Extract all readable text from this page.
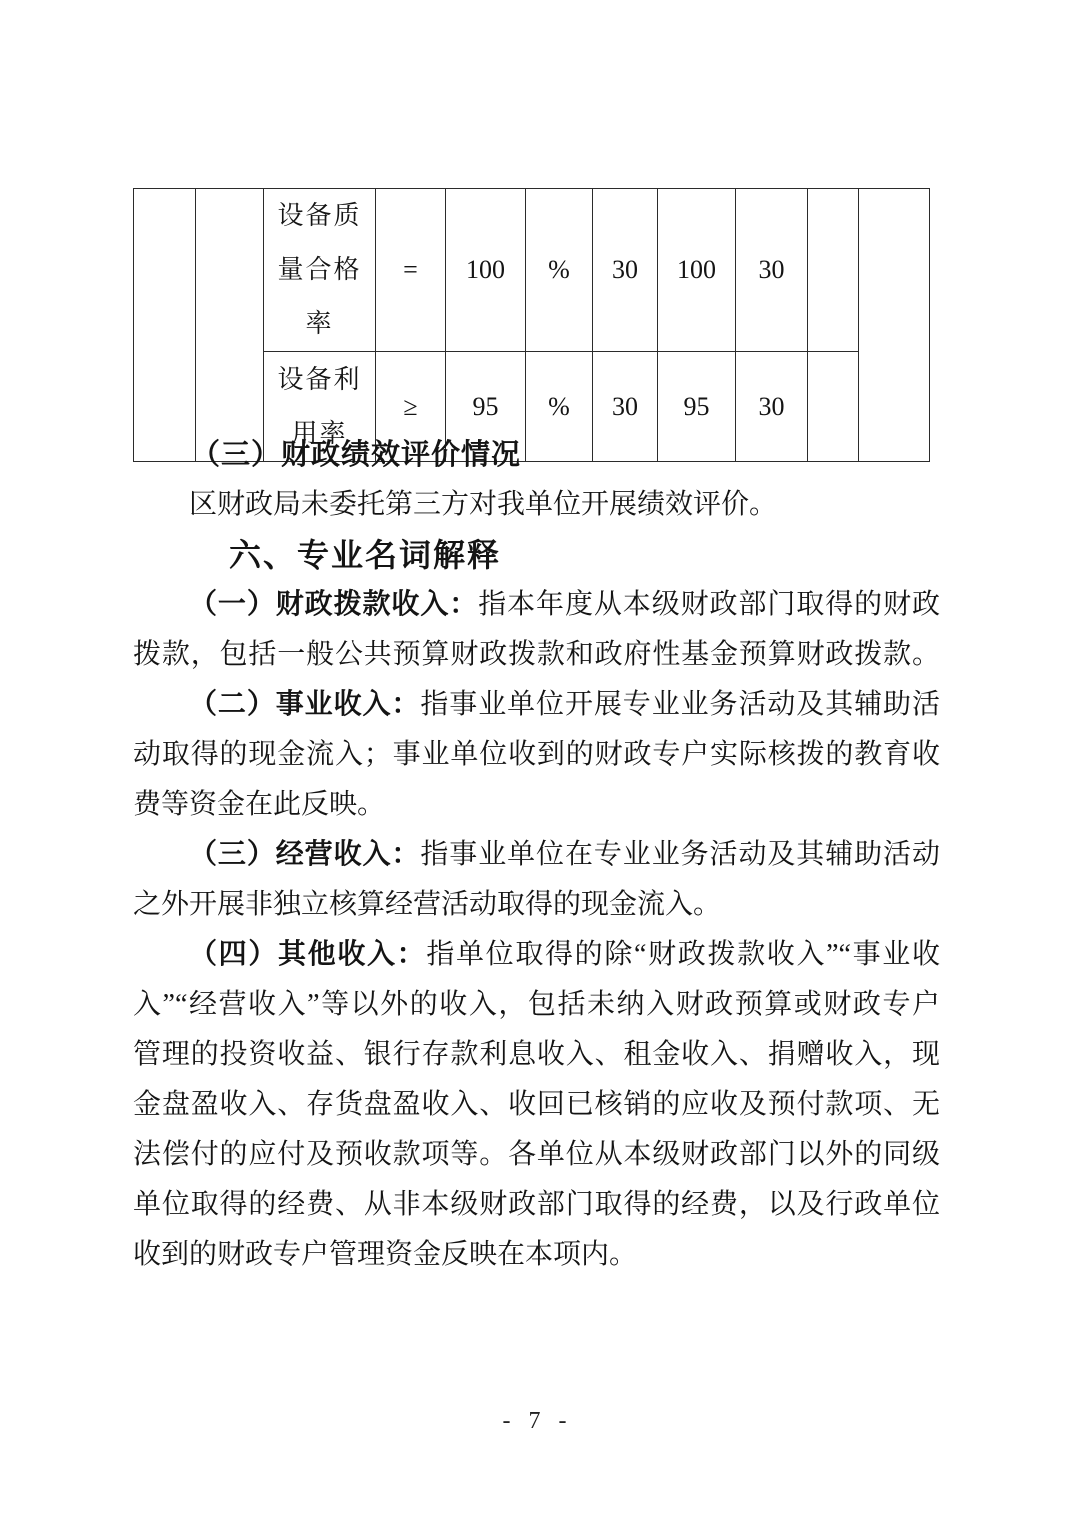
		设备质量合格率	=	100	%	30	100	30		
		设备利用率	≥	95	%	30	95	30		
（三）财政绩效评价情况
区财政局未委托第三方对我单位开展绩效评价。
六、专业名词解释
（一）财政拨款收入：指本年度从本级财政部门取得的财政
拨款，包括一般公共预算财政拨款和政府性基金预算财政拨款。
（二）事业收入：指事业单位开展专业业务活动及其辅助活
动取得的现金流入；事业单位收到的财政专户实际核拨的教育收
费等资金在此反映。
（三）经营收入：指事业单位在专业业务活动及其辅助活动
之外开展非独立核算经营活动取得的现金流入。
（四）其他收入：指单位取得的除“财政拨款收入”“事业收
入”“经营收入”等以外的收入，包括未纳入财政预算或财政专户
管理的投资收益、银行存款利息收入、租金收入、捐赠收入，现
金盘盈收入、存货盘盈收入、收回已核销的应收及预付款项、无
法偿付的应付及预收款项等。各单位从本级财政部门以外的同级
单位取得的经费、从非本级财政部门取得的经费，以及行政单位
收到的财政专户管理资金反映在本项内。
- 7 -
